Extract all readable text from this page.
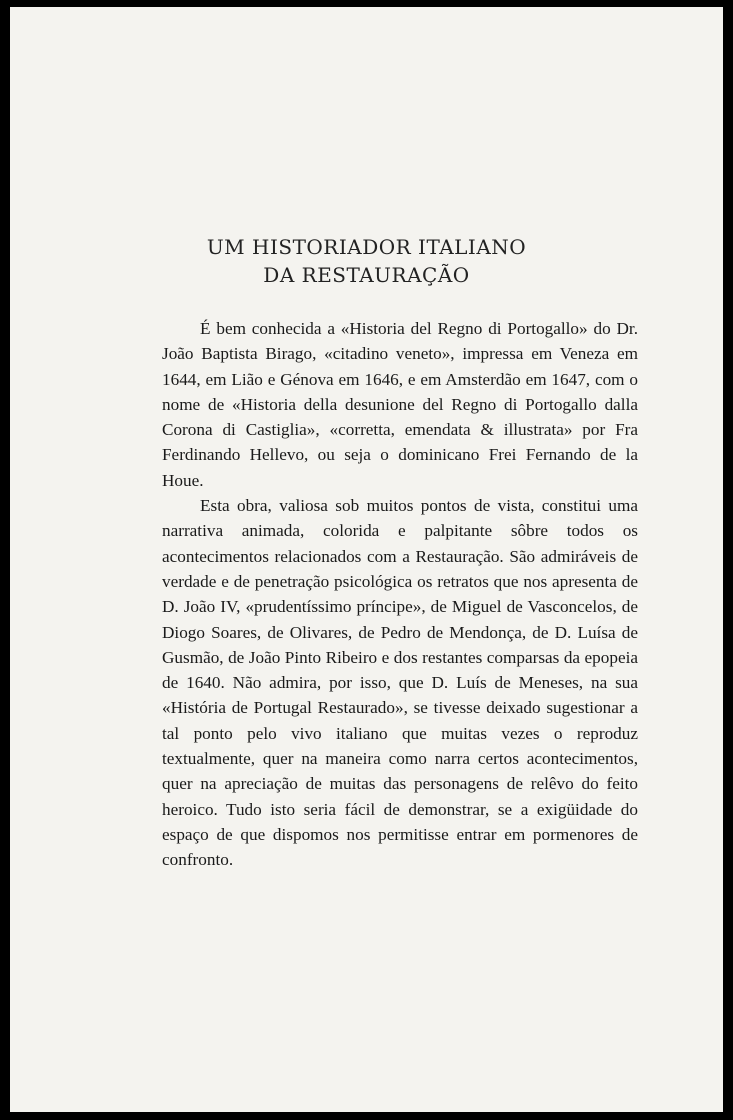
UM HISTORIADOR ITALIANO
DA RESTAURAÇÃO

É bem conhecida a «Historia del Regno di Portogallo» do Dr. João Baptista Birago, «citadino veneto», impressa em Veneza em 1644, em Lião e Génova em 1646, e em Amsterdão em 1647, com o nome de «Historia della desunione del Regno di Portogallo dalla Corona di Castiglia», «corretta, emendata & illustrata» por Fra Ferdinando Hellevo, ou seja o dominicano Frei Fernando de la Houe.

Esta obra, valiosa sob muitos pontos de vista, constitui uma narrativa animada, colorida e palpitante sôbre todos os acontecimentos relacionados com a Restauração. São admiráveis de verdade e de penetração psicológica os retratos que nos apresenta de D. João IV, «prudentíssimo príncipe», de Miguel de Vasconcelos, de Diogo Soares, de Olivares, de Pedro de Mendonça, de D. Luísa de Gusmão, de João Pinto Ribeiro e dos restantes comparsas da epopeia de 1640. Não admira, por isso, que D. Luís de Meneses, na sua «História de Portugal Restaurado», se tivesse deixado sugestionar a tal ponto pelo vivo italiano que muitas vezes o reproduz textualmente, quer na maneira como narra certos acontecimentos, quer na apreciação de muitas das personagens de relêvo do feito heroico. Tudo isto seria fácil de demonstrar, se a exigüidade do espaço de que dispomos nos permitisse entrar em pormenores de confronto.
